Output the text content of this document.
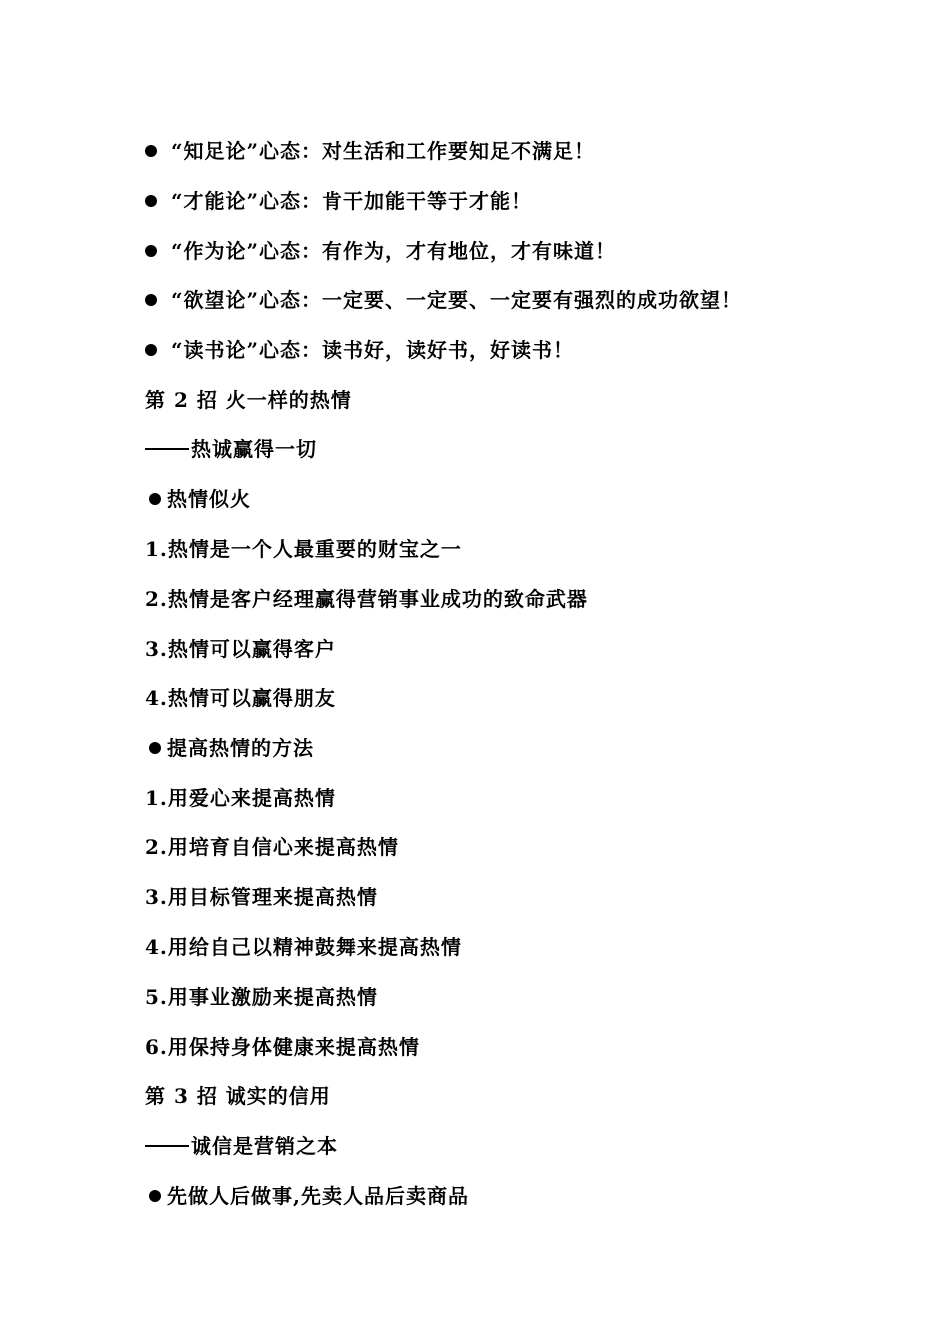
“知足论”心态：对生活和工作要知足不满足！
“才能论”心态：肯干加能干等于才能！
“作为论”心态：有作为，才有地位，才有味道！
“欲望论”心态：一定要、一定要、一定要有强烈的成功欲望！
“读书论”心态：读书好，读好书，好读书！
第 2 招 火一样的热情
热诚赢得一切
热情似火
1.热情是一个人最重要的财宝之一
2.热情是客户经理赢得营销事业成功的致命武器
3.热情可以赢得客户
4.热情可以赢得朋友
提高热情的方法
1.用爱心来提高热情
2.用培育自信心来提高热情
3.用目标管理来提高热情
4.用给自己以精神鼓舞来提高热情
5.用事业激励来提高热情
6.用保持身体健康来提高热情
第 3 招 诚实的信用
诚信是营销之本
先做人后做事,先卖人品后卖商品
